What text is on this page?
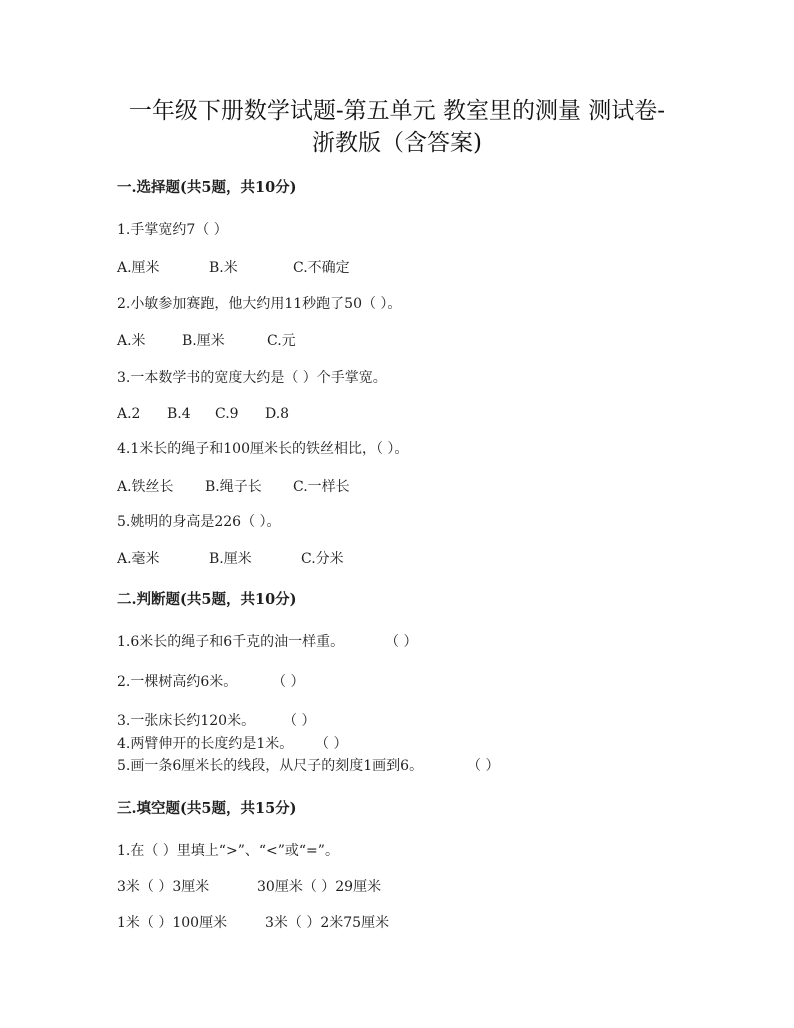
一年级下册数学试题-第五单元 教室里的测量 测试卷-
浙教版（含答案)
一.选择题(共5题，共10分)
1.手掌宽约7（ ）
A.厘米	B.米	C.不确定
2.小敏参加赛跑，他大约用11秒跑了50（ ）。
A.米	B.厘米	C.元
3.一本数学书的宽度大约是（ ）个手掌宽。
A.2 B.4 C.9 D.8
4.1米长的绳子和100厘米长的铁丝相比，（ ）。
A.铁丝长 B.绳子长 C.一样长
5.姚明的身高是226（ ）。
A.毫米	B.厘米	C.分米
二.判断题(共5题，共10分)
1.6米长的绳子和6千克的油一样重。	（ ）
2.一棵树高约6米。 （ ）
3.一张床长约120米。 （ ）
4.两臂伸开的长度约是1米。 （ ）
5.画一条6厘米长的线段，从尺子的刻度1画到6。	（ ）
三.填空题(共5题，共15分)
1.在（ ）里填上“>”、“<”或“=”。
3米（ ）3厘米	30厘米（ ）29厘米
1米（ ）100厘米	3米（ ）2米75厘米
